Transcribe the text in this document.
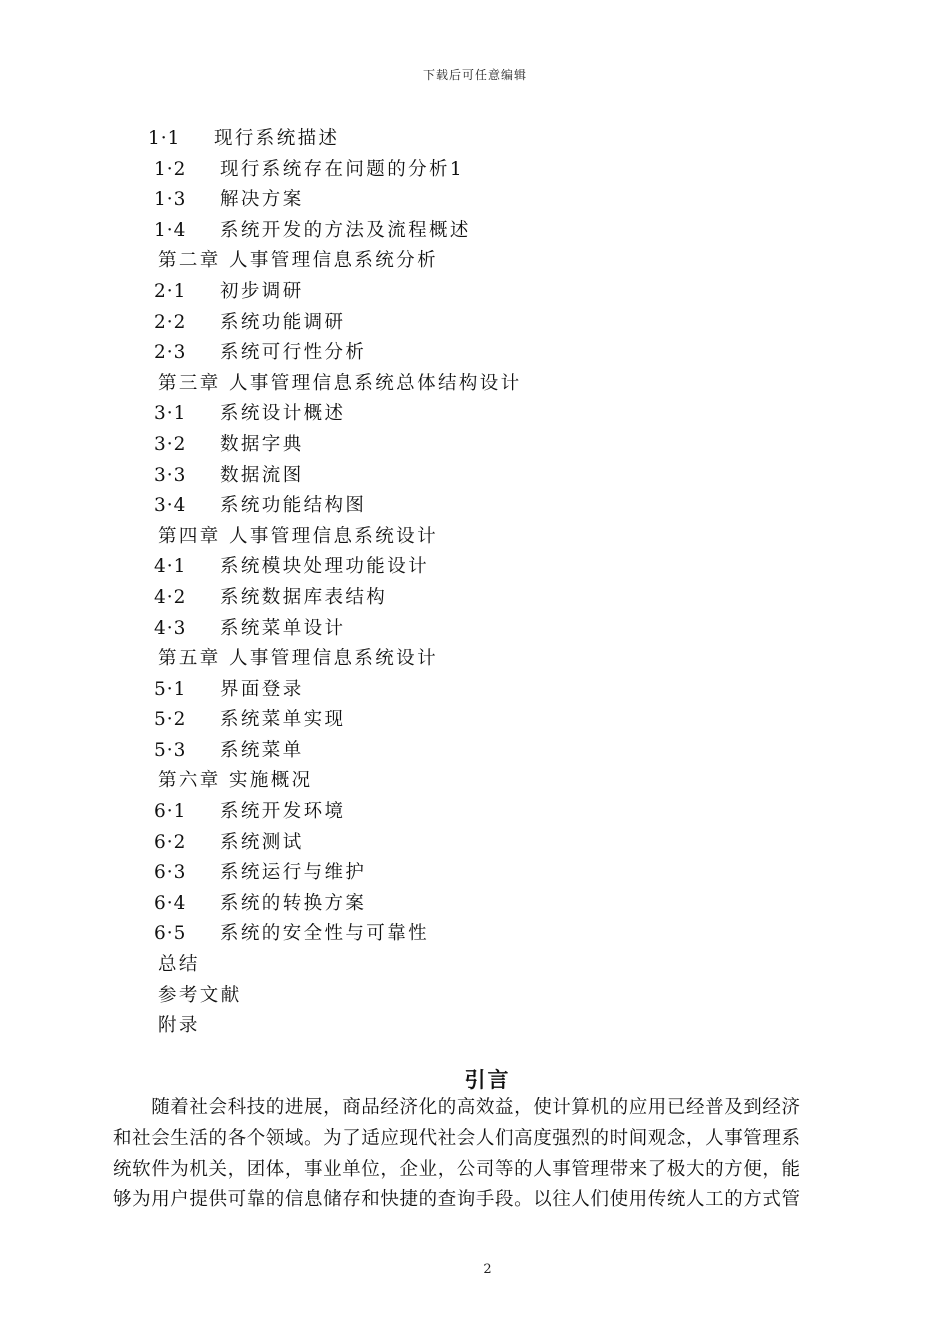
下载后可任意编辑
1·1 现行系统描述
1·2 现行系统存在问题的分析1
1·3 解决方案
1·4 系统开发的方法及流程概述
第二章 人事管理信息系统分析
2·1 初步调研
2·2 系统功能调研
2·3 系统可行性分析
第三章 人事管理信息系统总体结构设计
3·1 系统设计概述
3·2 数据字典
3·3 数据流图
3·4 系统功能结构图
第四章 人事管理信息系统设计
4·1 系统模块处理功能设计
4·2 系统数据库表结构
4·3 系统菜单设计
第五章 人事管理信息系统设计
5·1 界面登录
5·2 系统菜单实现
5·3 系统菜单
第六章 实施概况
6·1 系统开发环境
6·2 系统测试
6·3 系统运行与维护
6·4 系统的转换方案
6·5 系统的安全性与可靠性
总结
参考文献
附录
引言
　　随着社会科技的进展，商品经济化的高效益，使计算机的应用已经普及到经济
和社会生活的各个领域。为了适应现代社会人们高度强烈的时间观念，人事管理系
统软件为机关，团体，事业单位，企业，公司等的人事管理带来了极大的方便，能
够为用户提供可靠的信息储存和快捷的查询手段。以往人们使用传统人工的方式管
2
